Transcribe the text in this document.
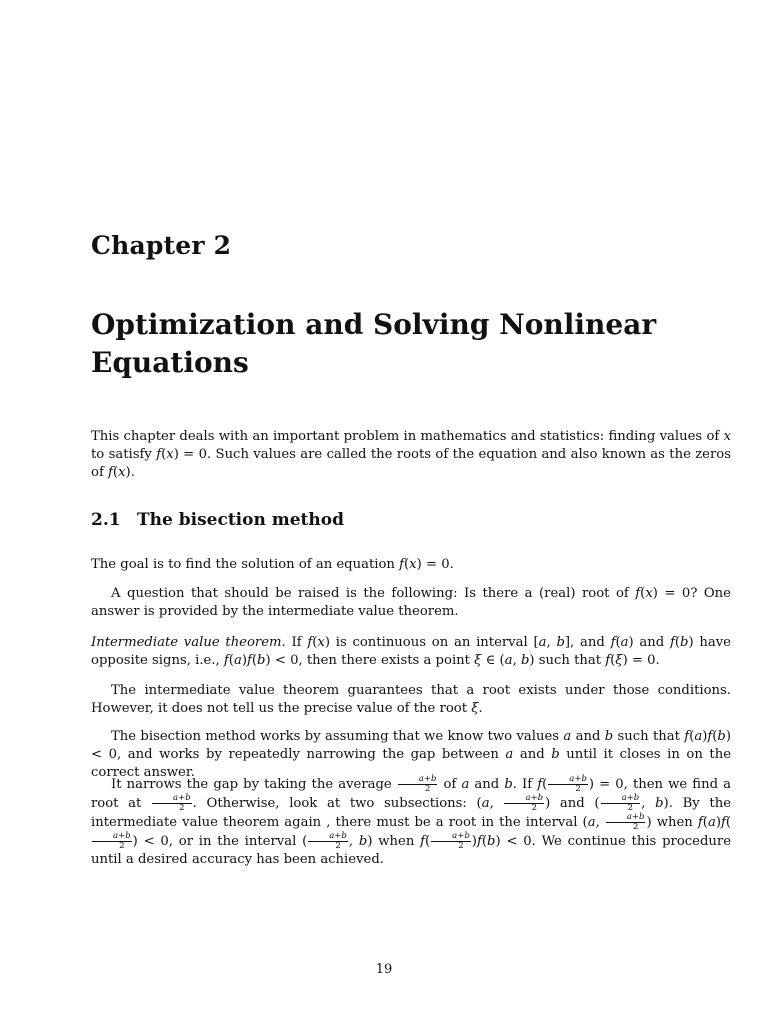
Chapter 2
Optimization and Solving Nonlinear
Equations

This chapter deals with an important problem in mathematics and statistics: finding values of x to satisfy f(x) = 0. Such values are called the roots of the equation and also known as the zeros of f(x).

2.1 The bisection method

The goal is to find the solution of an equation f(x) = 0.

A question that should be raised is the following: Is there a (real) root of f(x) = 0? One answer is provided by the intermediate value theorem.

Intermediate value theorem. If f(x) is continuous on an interval [a, b], and f(a) and f(b) have opposite signs, i.e., f(a)f(b) < 0, then there exists a point ξ ∈ (a, b) such that f(ξ) = 0.

The intermediate value theorem guarantees that a root exists under those conditions. However, it does not tell us the precise value of the root ξ.

The bisection method works by assuming that we know two values a and b such that f(a)f(b) < 0, and works by repeatedly narrowing the gap between a and b until it closes in on the correct answer.

It narrows the gap by taking the average $\frac{a+b}{2}$ of a and b. If $f( \frac{a+b}{2}$ ) = 0, then we find a root at $\frac{a+b}{2}$ . Otherwise, look at two subsections: (a, $\frac{a+b}{2}$ ) and ( $\frac{a+b}{2}$ , b). By the intermediate value theorem again , there must be a root in the interval (a, $\frac{a+b}{2}$ ) when f(a)f(
$\frac{a+b}{2}$ ) < 0, or in the interval ( $\frac{a+b}{2}$ , b) when $f( \frac{a+b}{2} )f(b) < 0$. We continue this procedure until a desired accuracy has been achieved.

19
